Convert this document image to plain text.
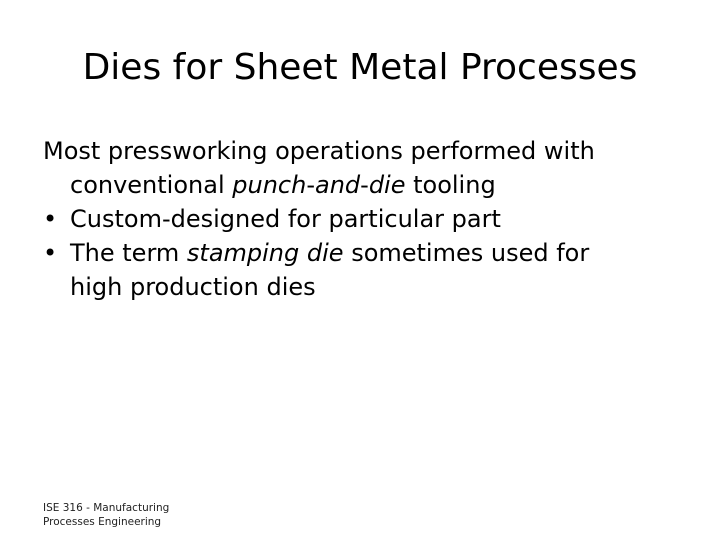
Dies for Sheet Metal Processes
Most pressworking operations performed with
conventional punch‑and‑die tooling
• Custom‑designed for particular part
• The term stamping die sometimes used for
high production dies
ISE 316 - Manufacturing
Processes Engineering
